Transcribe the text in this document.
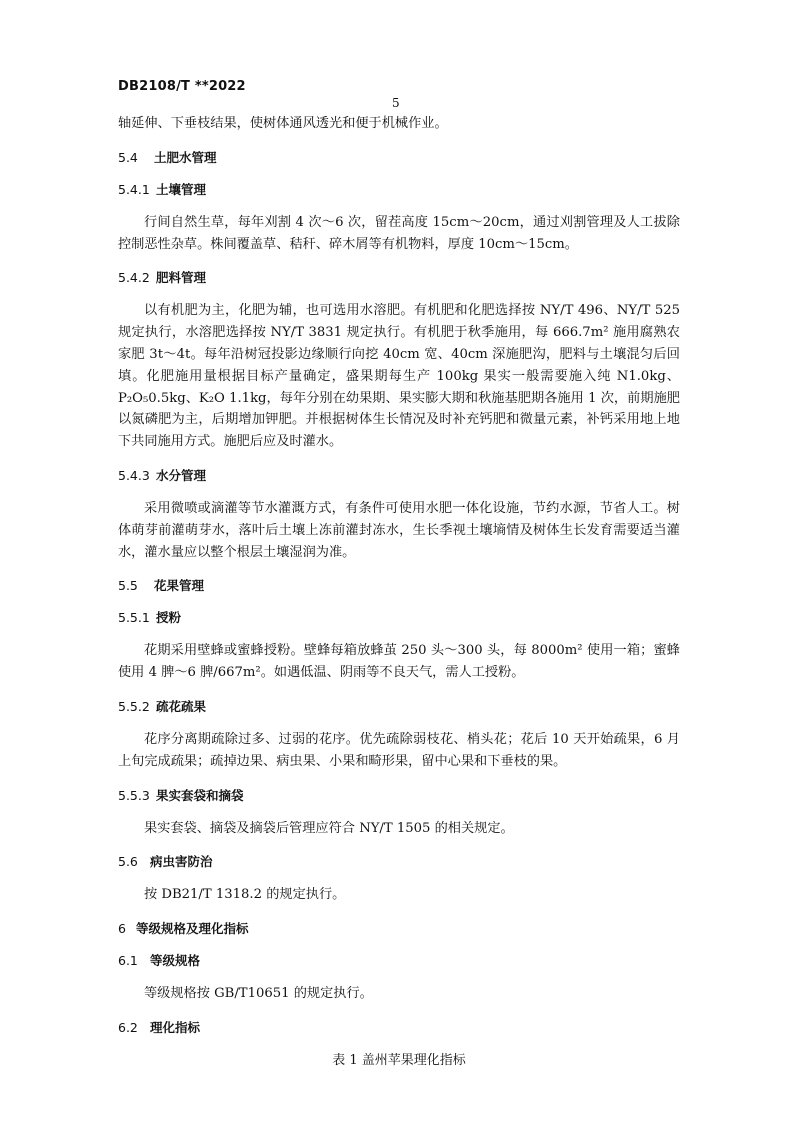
DB2108/T **2022
5

轴延伸、下垂枝结果，使树体通风透光和便于机械作业。

5.4 土肥水管理
5.4.1 土壤管理

行间自然生草，每年刈割 4 次～6 次，留茬高度 15cm～20cm，通过刈割管理及人工拔除控制恶性杂草。株间覆盖草、秸秆、碎木屑等有机物料，厚度 10cm～15cm。

5.4.2 肥料管理

以有机肥为主，化肥为辅，也可选用水溶肥。有机肥和化肥选择按 NY/T 496、NY/T 525 规定执行，水溶肥选择按 NY/T 3831 规定执行。有机肥于秋季施用，每 666.7m² 施用腐熟农家肥 3t～4t。每年沿树冠投影边缘顺行向挖 40cm 宽、40cm 深施肥沟，肥料与土壤混匀后回填。化肥施用量根据目标产量确定，盛果期每生产 100kg 果实一般需要施入纯 N1.0kg、P₂O₅0.5kg、K₂O 1.1kg，每年分别在幼果期、果实膨大期和秋施基肥期各施用 1 次，前期施肥以氮磷肥为主，后期增加钾肥。并根据树体生长情况及时补充钙肥和微量元素，补钙采用地上地下共同施用方式。施肥后应及时灌水。

5.4.3 水分管理

采用微喷或滴灌等节水灌溉方式，有条件可使用水肥一体化设施，节约水源，节省人工。树体萌芽前灌萌芽水，落叶后土壤上冻前灌封冻水，生长季视土壤墒情及树体生长发育需要适当灌水，灌水量应以整个根层土壤湿润为准。

5.5 花果管理
5.5.1 授粉

花期采用壁蜂或蜜蜂授粉。壁蜂每箱放蜂茧 250 头～300 头，每 8000m² 使用一箱；蜜蜂使用 4 脾～6 脾/667m²。如遇低温、阴雨等不良天气，需人工授粉。

5.5.2 疏花疏果

花序分离期疏除过多、过弱的花序。优先疏除弱枝花、梢头花；花后 10 天开始疏果，6 月上旬完成疏果；疏掉边果、病虫果、小果和畸形果，留中心果和下垂枝的果。

5.5.3 果实套袋和摘袋

果实套袋、摘袋及摘袋后管理应符合 NY/T 1505 的相关规定。

5.6 病虫害防治

按 DB21/T 1318.2 的规定执行。

6 等级规格及理化指标
6.1 等级规格

等级规格按 GB/T10651 的规定执行。

6.2 理化指标

表 1 盖州苹果理化指标
